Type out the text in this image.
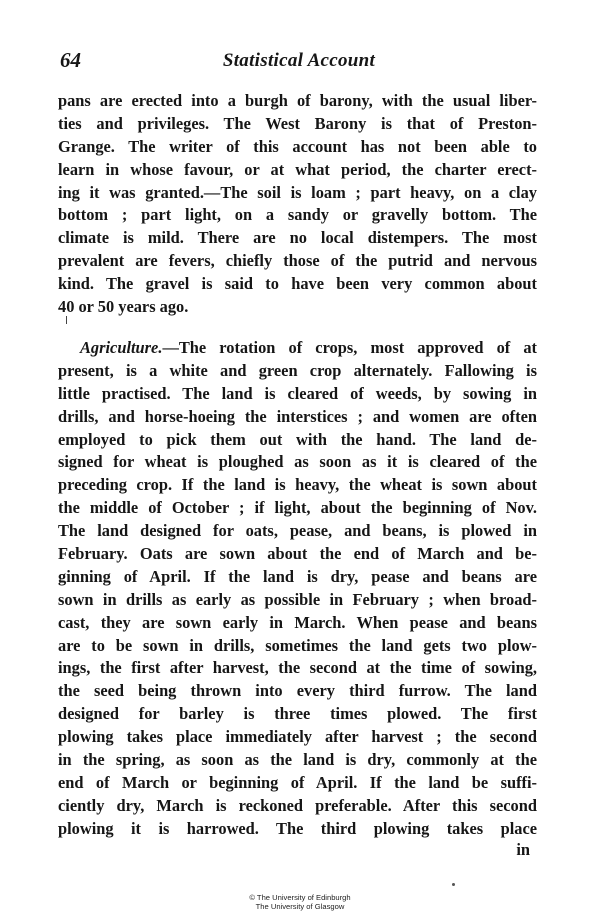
64	Statistical Account
pans are erected into a burgh of barony, with the usual liber-
ties and privileges. The West Barony is that of Preston-
Grange. The writer of this account has not been able to
learn in whose favour, or at what period, the charter erect-
ing it was granted.—The soil is loam ; part heavy, on a clay
bottom ; part light, on a sandy or gravelly bottom. The
climate is mild. There are no local distempers. The most
prevalent are fevers, chiefly those of the putrid and nervous
kind. The gravel is said to have been very common about
40 or 50 years ago.
Agriculture.—The rotation of crops, most approved of at
present, is a white and green crop alternately. Fallowing is
little practised. The land is cleared of weeds, by sowing in
drills, and horse-hoeing the interstices ; and women are often
employed to pick them out with the hand. The land de-
signed for wheat is ploughed as soon as it is cleared of the
preceding crop. If the land is heavy, the wheat is sown about
the middle of October ; if light, about the beginning of Nov.
The land designed for oats, pease, and beans, is plowed in
February. Oats are sown about the end of March and be-
ginning of April. If the land is dry, pease and beans are
sown in drills as early as possible in February ; when broad-
cast, they are sown early in March. When pease and beans
are to be sown in drills, sometimes the land gets two plow-
ings, the first after harvest, the second at the time of sowing,
the seed being thrown into every third furrow. The land
designed for barley is three times plowed. The first
plowing takes place immediately after harvest ; the second
in the spring, as soon as the land is dry, commonly at the
end of March or beginning of April. If the land be suffi-
ciently dry, March is reckoned preferable. After this second
plowing it is harrowed. The third plowing takes place
in
© The University of Edinburgh
The University of Glasgow
